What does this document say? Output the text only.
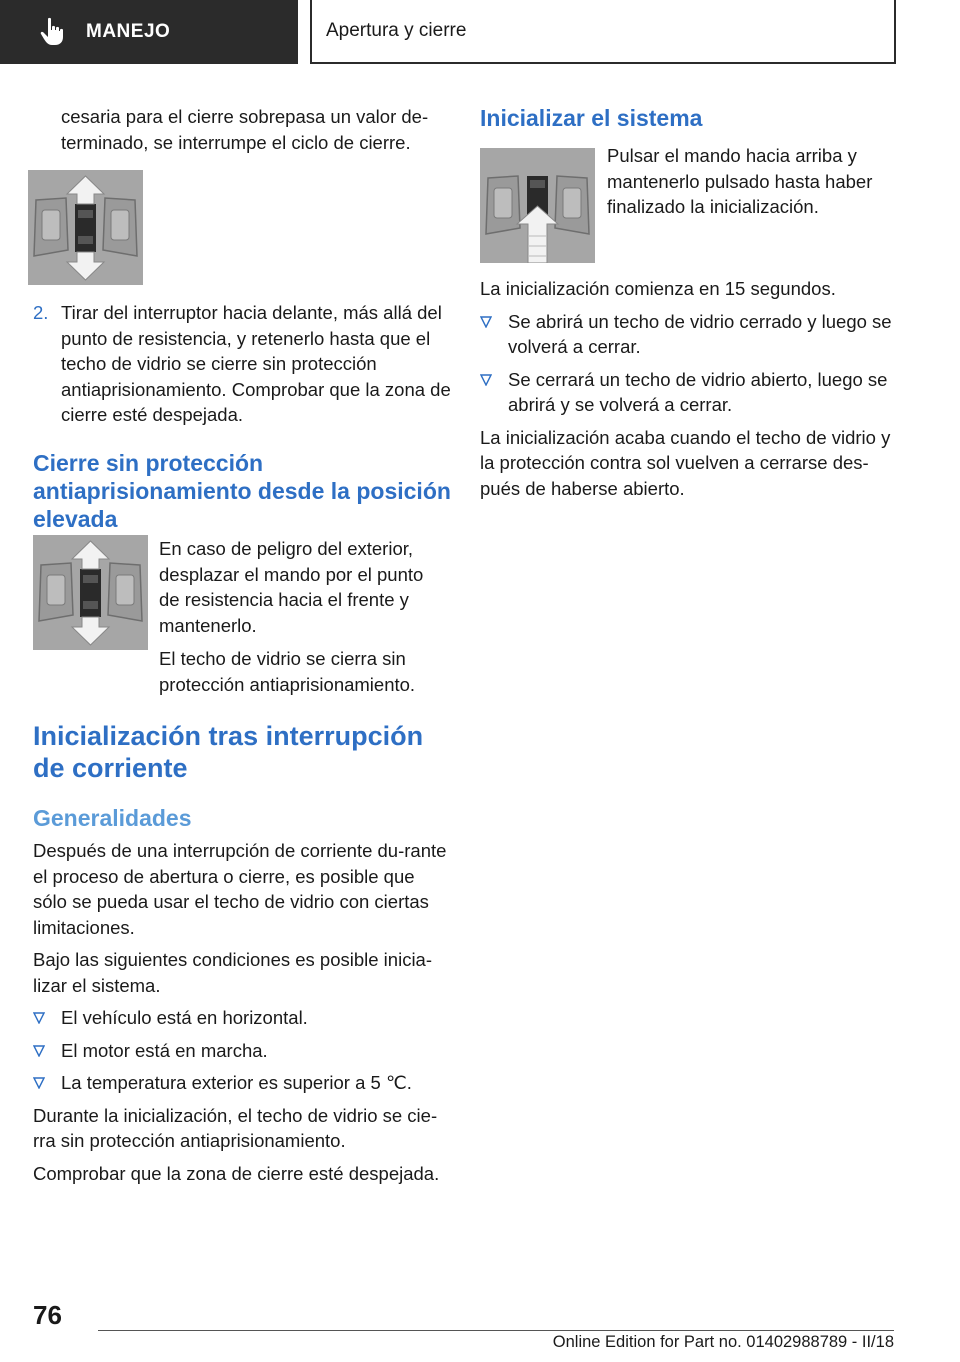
MANEJO	Apertura y cierre
cesaria para el cierre sobrepasa un valor de-terminado, se interrumpe el ciclo de cierre.
2. Tirar del interruptor hacia delante, más allá del punto de resistencia, y retenerlo hasta que el techo de vidrio se cierre sin protección antiaprisionamiento. Comprobar que la zona de cierre esté despejada.
Cierre sin protección antiaprisionamiento desde la posición elevada
En caso de peligro del exterior, desplazar el mando por el punto de resistencia hacia el frente y mantenerlo.
El techo de vidrio se cierra sin protección antiaprisionamiento.
Inicialización tras interrupción de corriente
Generalidades
Después de una interrupción de corriente du-rante el proceso de abertura o cierre, es posible que sólo se pueda usar el techo de vidrio con ciertas limitaciones.
Bajo las siguientes condiciones es posible inicia-lizar el sistema.
El vehículo está en horizontal.
El motor está en marcha.
La temperatura exterior es superior a 5 ℃.
Durante la inicialización, el techo de vidrio se cie-rra sin protección antiaprisionamiento.
Comprobar que la zona de cierre esté despejada.
Inicializar el sistema
Pulsar el mando hacia arriba y mantenerlo pulsado hasta haber finalizado la inicialización.
La inicialización comienza en 15 segundos.
Se abrirá un techo de vidrio cerrado y luego se volverá a cerrar.
Se cerrará un techo de vidrio abierto, luego se abrirá y se volverá a cerrar.
La inicialización acaba cuando el techo de vidrio y la protección contra sol vuelven a cerrarse des-pués de haberse abierto.
76
Online Edition for Part no. 01402988789 - II/18
